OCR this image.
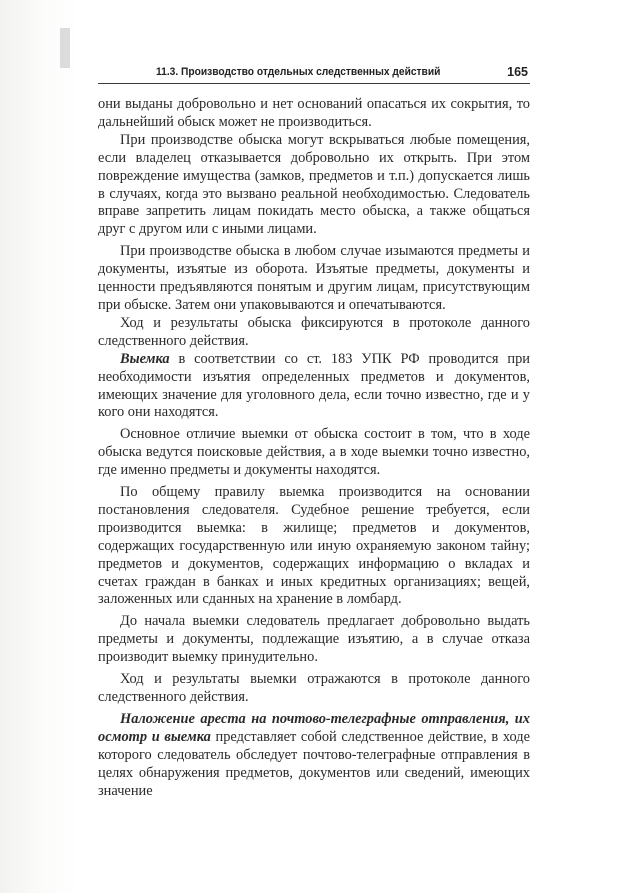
11.3. Производство отдельных следственных действий	165

они выданы добровольно и нет оснований опасаться их сокрытия, то дальнейший обыск может не производиться.

При производстве обыска могут вскрываться любые помещения, если владелец отказывается добровольно их открыть. При этом повреждение имущества (замков, предметов и т.п.) допускается лишь в случаях, когда это вызвано реальной необходимостью. Следователь вправе запретить лицам покидать место обыска, а также общаться друг с другом или с иными лицами.

При производстве обыска в любом случае изымаются предметы и документы, изъятые из оборота. Изъятые предметы, документы и ценности предъявляются понятым и другим лицам, присутствующим при обыске. Затем они упаковываются и опечатываются.

Ход и результаты обыска фиксируются в протоколе данного следственного действия.

Выемка в соответствии со ст. 183 УПК РФ проводится при необходимости изъятия определенных предметов и документов, имеющих значение для уголовного дела, если точно известно, где и у кого они находятся.

Основное отличие выемки от обыска состоит в том, что в ходе обыска ведутся поисковые действия, а в ходе выемки точно известно, где именно предметы и документы находятся.

По общему правилу выемка производится на основании постановления следователя. Судебное решение требуется, если производится выемка: в жилище; предметов и документов, содержащих государственную или иную охраняемую законом тайну; предметов и документов, содержащих информацию о вкладах и счетах граждан в банках и иных кредитных организациях; вещей, заложенных или сданных на хранение в ломбард.

До начала выемки следователь предлагает добровольно выдать предметы и документы, подлежащие изъятию, а в случае отказа производит выемку принудительно.

Ход и результаты выемки отражаются в протоколе данного следственного действия.

Наложение ареста на почтово-телеграфные отправления, их осмотр и выемка представляет собой следственное действие, в ходе которого следователь обследует почтово-телеграфные отправления в целях обнаружения предметов, документов или сведений, имеющих значение
